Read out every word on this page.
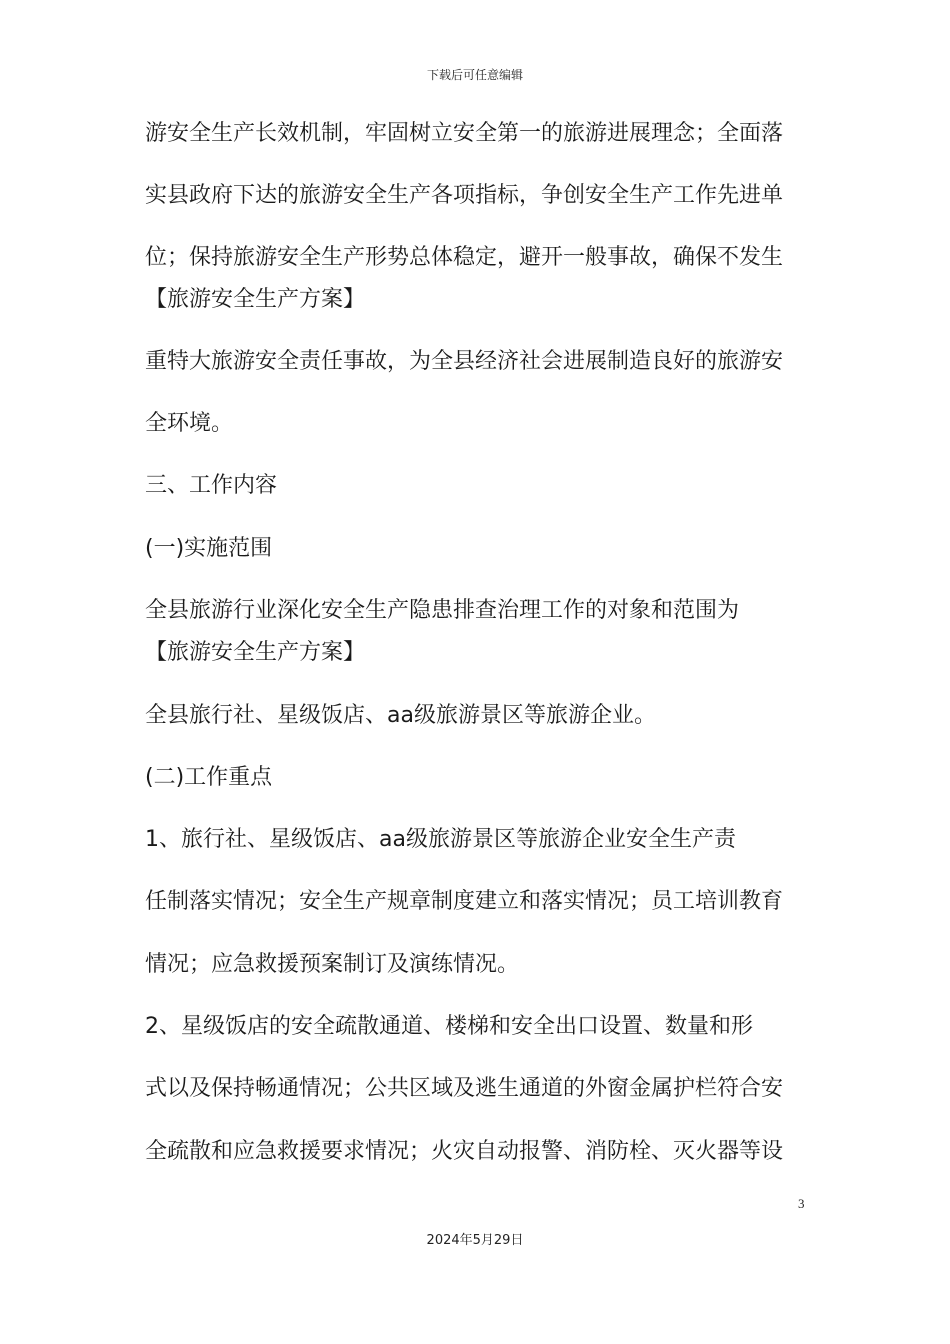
下载后可任意编辑
游安全生产长效机制，牢固树立安全第一的旅游进展理念；全面落
实县政府下达的旅游安全生产各项指标，争创安全生产工作先进单
位；保持旅游安全生产形势总体稳定，避开一般事故，确保不发生
【旅游安全生产方案】
重特大旅游安全责任事故，为全县经济社会进展制造良好的旅游安
全环境。
三、工作内容
(一)实施范围
全县旅游行业深化安全生产隐患排查治理工作的对象和范围为
【旅游安全生产方案】
全县旅行社、星级饭店、aa级旅游景区等旅游企业。
(二)工作重点
1、旅行社、星级饭店、aa级旅游景区等旅游企业安全生产责
任制落实情况；安全生产规章制度建立和落实情况；员工培训教育
情况；应急救援预案制订及演练情况。
2、星级饭店的安全疏散通道、楼梯和安全出口设置、数量和形
式以及保持畅通情况；公共区域及逃生通道的外窗金属护栏符合安
全疏散和应急救援要求情况；火灾自动报警、消防栓、灭火器等设
3
2024年5月29日
